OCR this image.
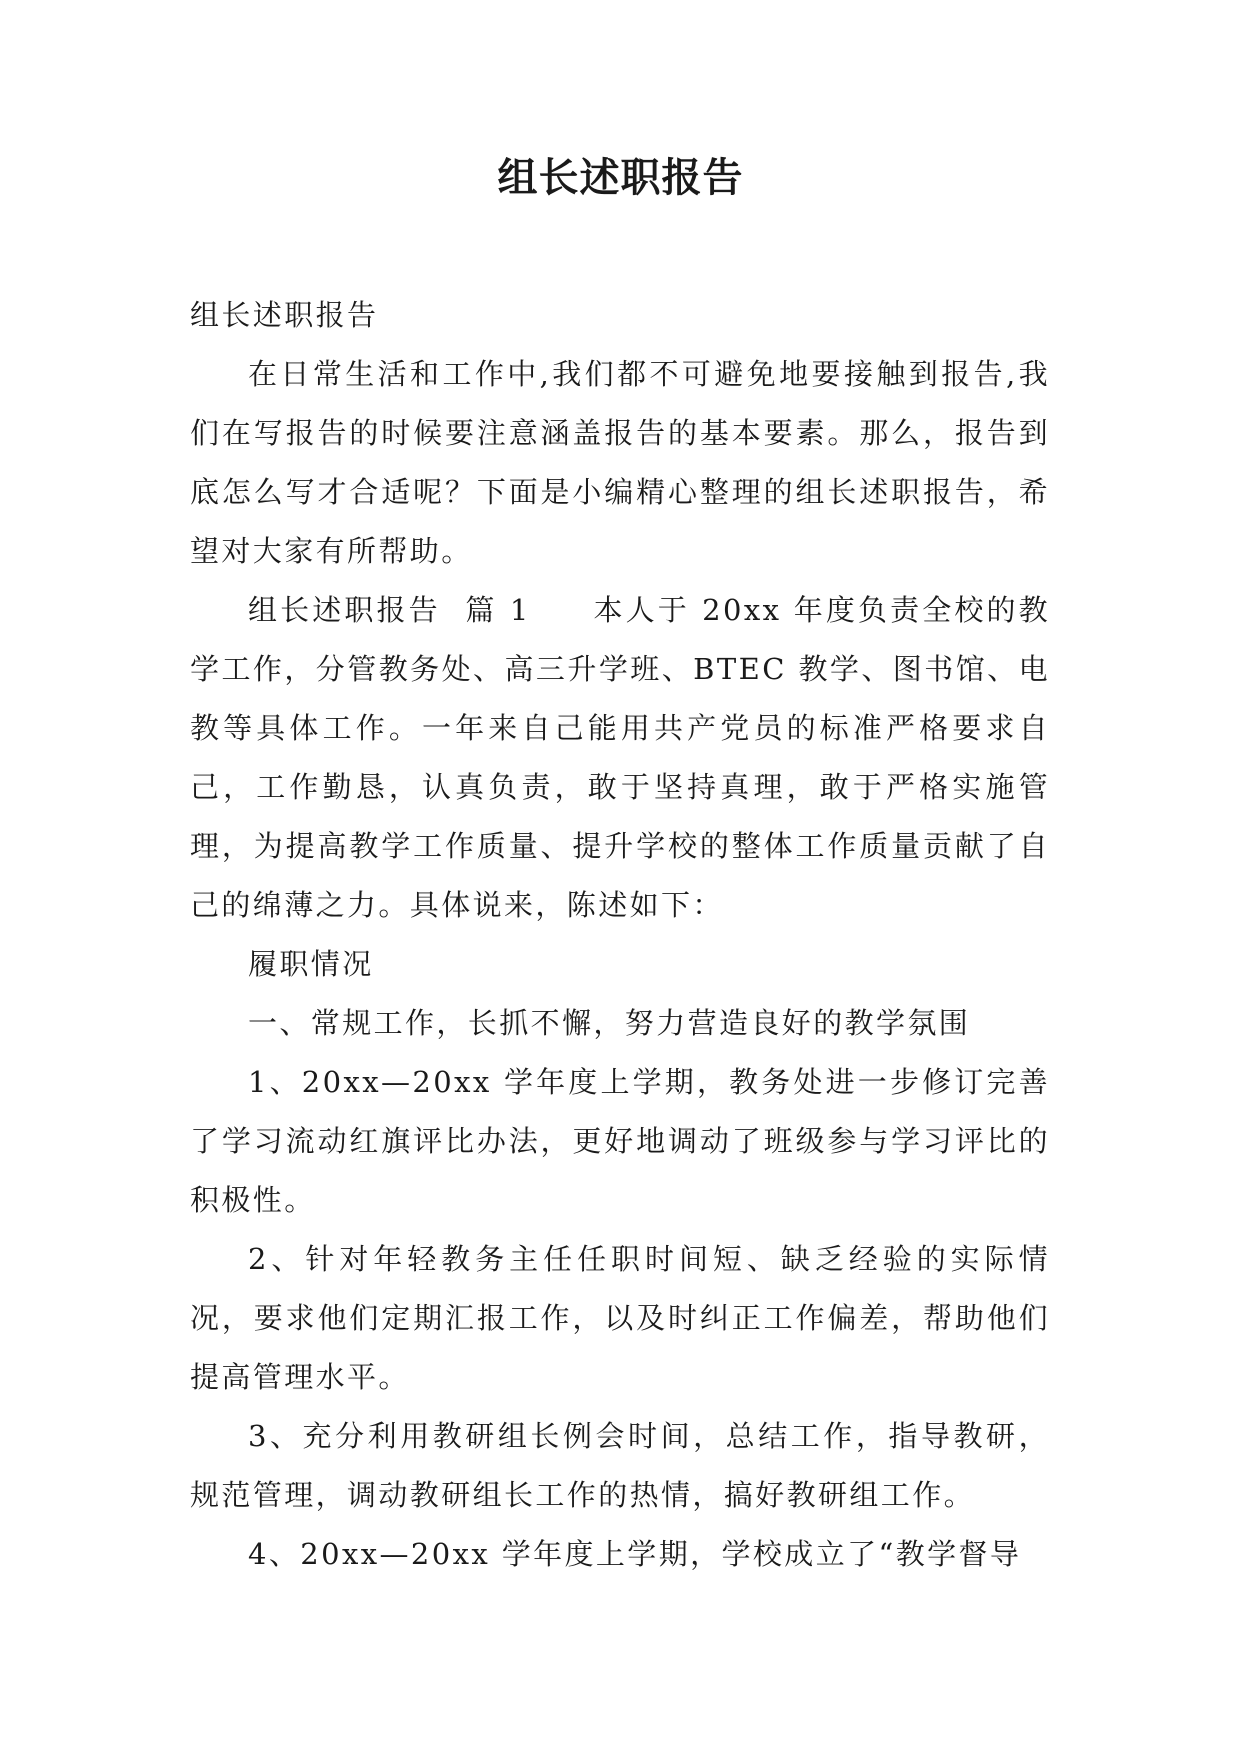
组长述职报告

组长述职报告

在日常生活和工作中,我们都不可避免地要接触到报告,我们在写报告的时候要注意涵盖报告的基本要素。那么，报告到底怎么写才合适呢？下面是小编精心整理的组长述职报告，希望对大家有所帮助。

组长述职报告  篇 1 本人于 20xx 年度负责全校的教学工作，分管教务处、高三升学班、BTEC 教学、图书馆、电教等具体工作。一年来自己能用共产党员的标准严格要求自己，工作勤恳，认真负责，敢于坚持真理，敢于严格实施管理，为提高教学工作质量、提升学校的整体工作质量贡献了自己的绵薄之力。具体说来，陈述如下：

履职情况

一、常规工作，长抓不懈，努力营造良好的教学氛围

1、20xx—20xx 学年度上学期，教务处进一步修订完善了学习流动红旗评比办法，更好地调动了班级参与学习评比的积极性。

2、针对年轻教务主任任职时间短、缺乏经验的实际情况，要求他们定期汇报工作，以及时纠正工作偏差，帮助他们提高管理水平。

3、充分利用教研组长例会时间，总结工作，指导教研，规范管理，调动教研组长工作的热情，搞好教研组工作。

4、20xx—20xx 学年度上学期，学校成立了“教学督导
